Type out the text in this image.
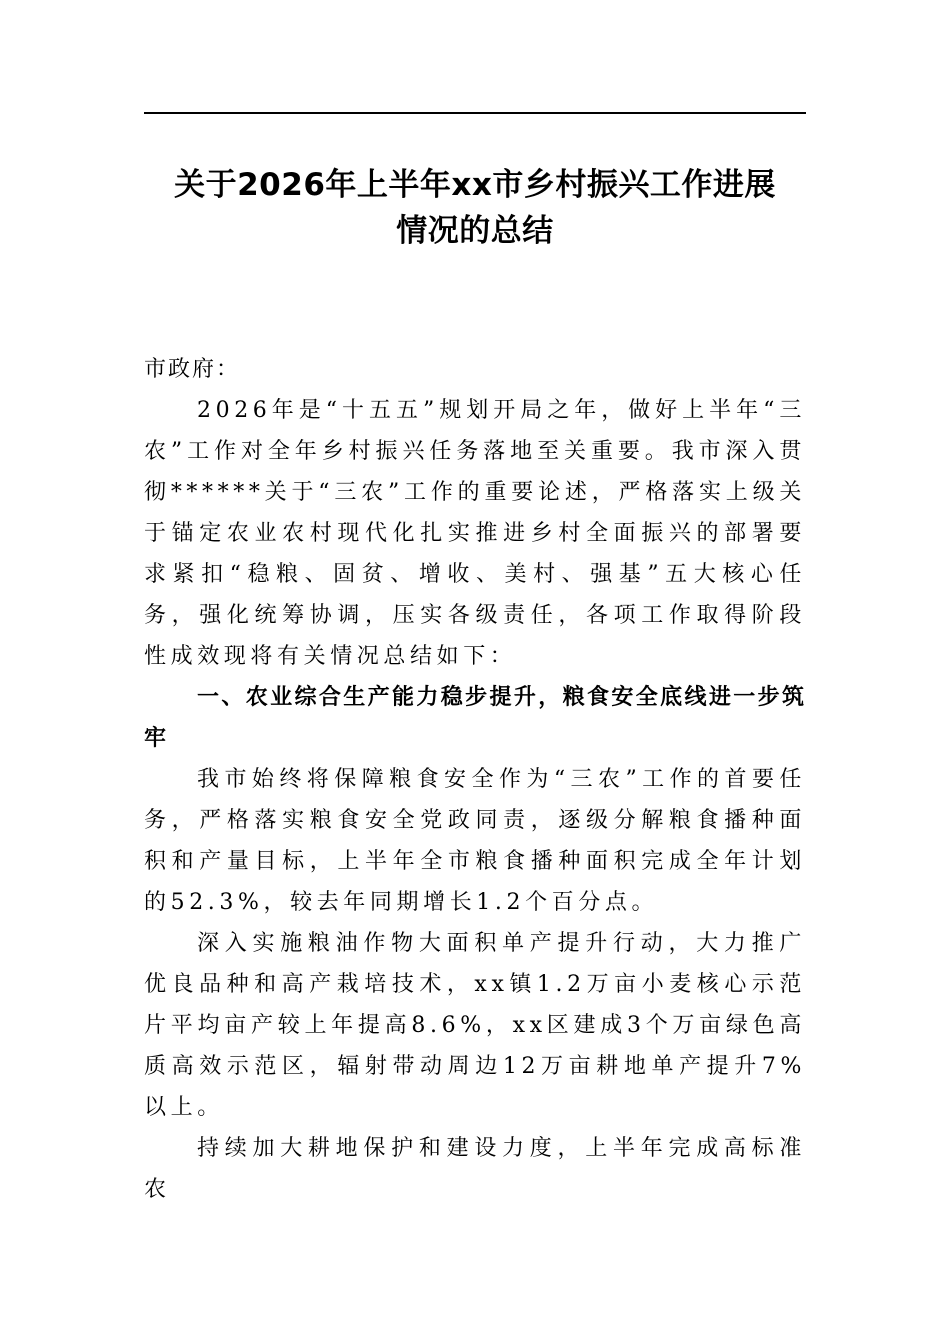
关于2026年上半年xx市乡村振兴工作进展
情况的总结

市政府：

2026年是“十五五”规划开局之年，做好上半年“三农”工作对全年乡村振兴任务落地至关重要。我市深入贯彻******关于“三农”工作的重要论述，严格落实上级关于锚定农业农村现代化扎实推进乡村全面振兴的部署要求紧扣“稳粮、固贫、增收、美村、强基”五大核心任务，强化统筹协调，压实各级责任，各项工作取得阶段性成效现将有关情况总结如下：

一、农业综合生产能力稳步提升，粮食安全底线进一步筑牢

我市始终将保障粮食安全作为“三农”工作的首要任务，严格落实粮食安全党政同责，逐级分解粮食播种面积和产量目标，上半年全市粮食播种面积完成全年计划的52.3%，较去年同期增长1.2个百分点。

深入实施粮油作物大面积单产提升行动，大力推广优良品种和高产栽培技术，xx镇1.2万亩小麦核心示范片平均亩产较上年提高8.6%，xx区建成3个万亩绿色高质高效示范区，辐射带动周边12万亩耕地单产提升7%以上。

持续加大耕地保护和建设力度，上半年完成高标准农
